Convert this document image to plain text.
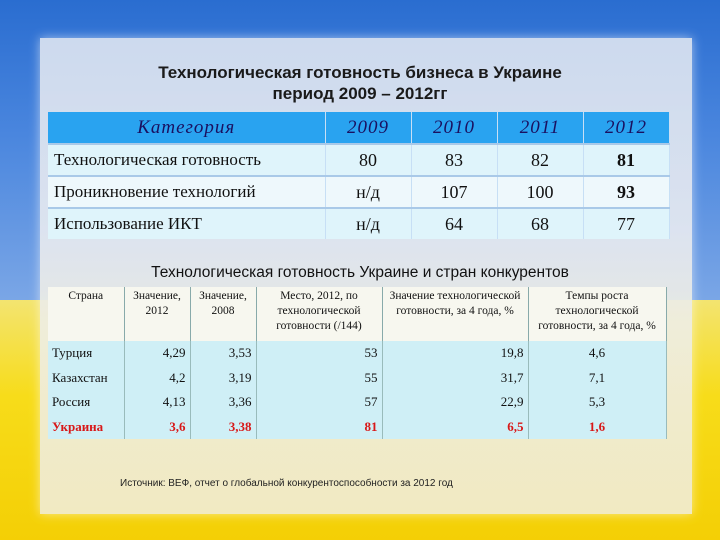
Технологическая готовность бизнеса в Украине
период 2009 – 2012гг
Категория	2009	2010	2011	2012
Технологическая готовность	80	83	82	81
Проникновение технологий	н/д	107	100	93
Использование ИКТ	н/д	64	68	77
Технологическая готовность Украине и стран конкурентов
Страна	Значение, 2012	Значение, 2008	Место, 2012, по технологической готовности (/144)	Значение технологической готовности, за 4 года, %	Темпы роста технологической готовности, за 4 года, %
Турция	4,29	3,53	53	19,8	4,6
Казахстан	4,2	3,19	55	31,7	7,1
Россия	4,13	3,36	57	22,9	5,3
Украина	3,6	3,38	81	6,5	1,6
Источник: ВЕФ, отчет о глобальной конкурентоспособности за 2012 год
